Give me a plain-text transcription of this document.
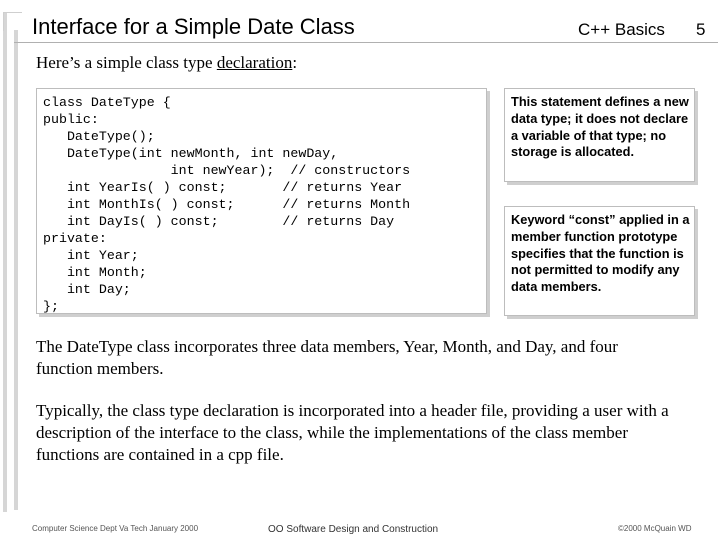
Interface for a Simple Date Class	C++ Basics 5
Here’s a simple class type declaration:
class DateType {
public:
DateType();
DateType(int newMonth, int newDay,
int newYear);  // constructors
int YearIs( ) const;       // returns Year
int MonthIs( ) const;      // returns Month
int DayIs( ) const;        // returns Day
private:
int Year;
int Month;
int Day;
};
This statement defines a new data type; it does not declare a variable of that type; no storage is allocated.
Keyword “const” applied in a member function prototype specifies that the function is not permitted to modify any data members.
The DateType class incorporates three data members, Year, Month, and Day, and four function members.
Typically, the class type declaration is incorporated into a header file, providing a user with a description of the interface to the class, while the implementations of the class member functions are contained in a cpp file.
Computer Science Dept Va Tech January 2000	OO Software Design and Construction	©2000 McQuain WD
